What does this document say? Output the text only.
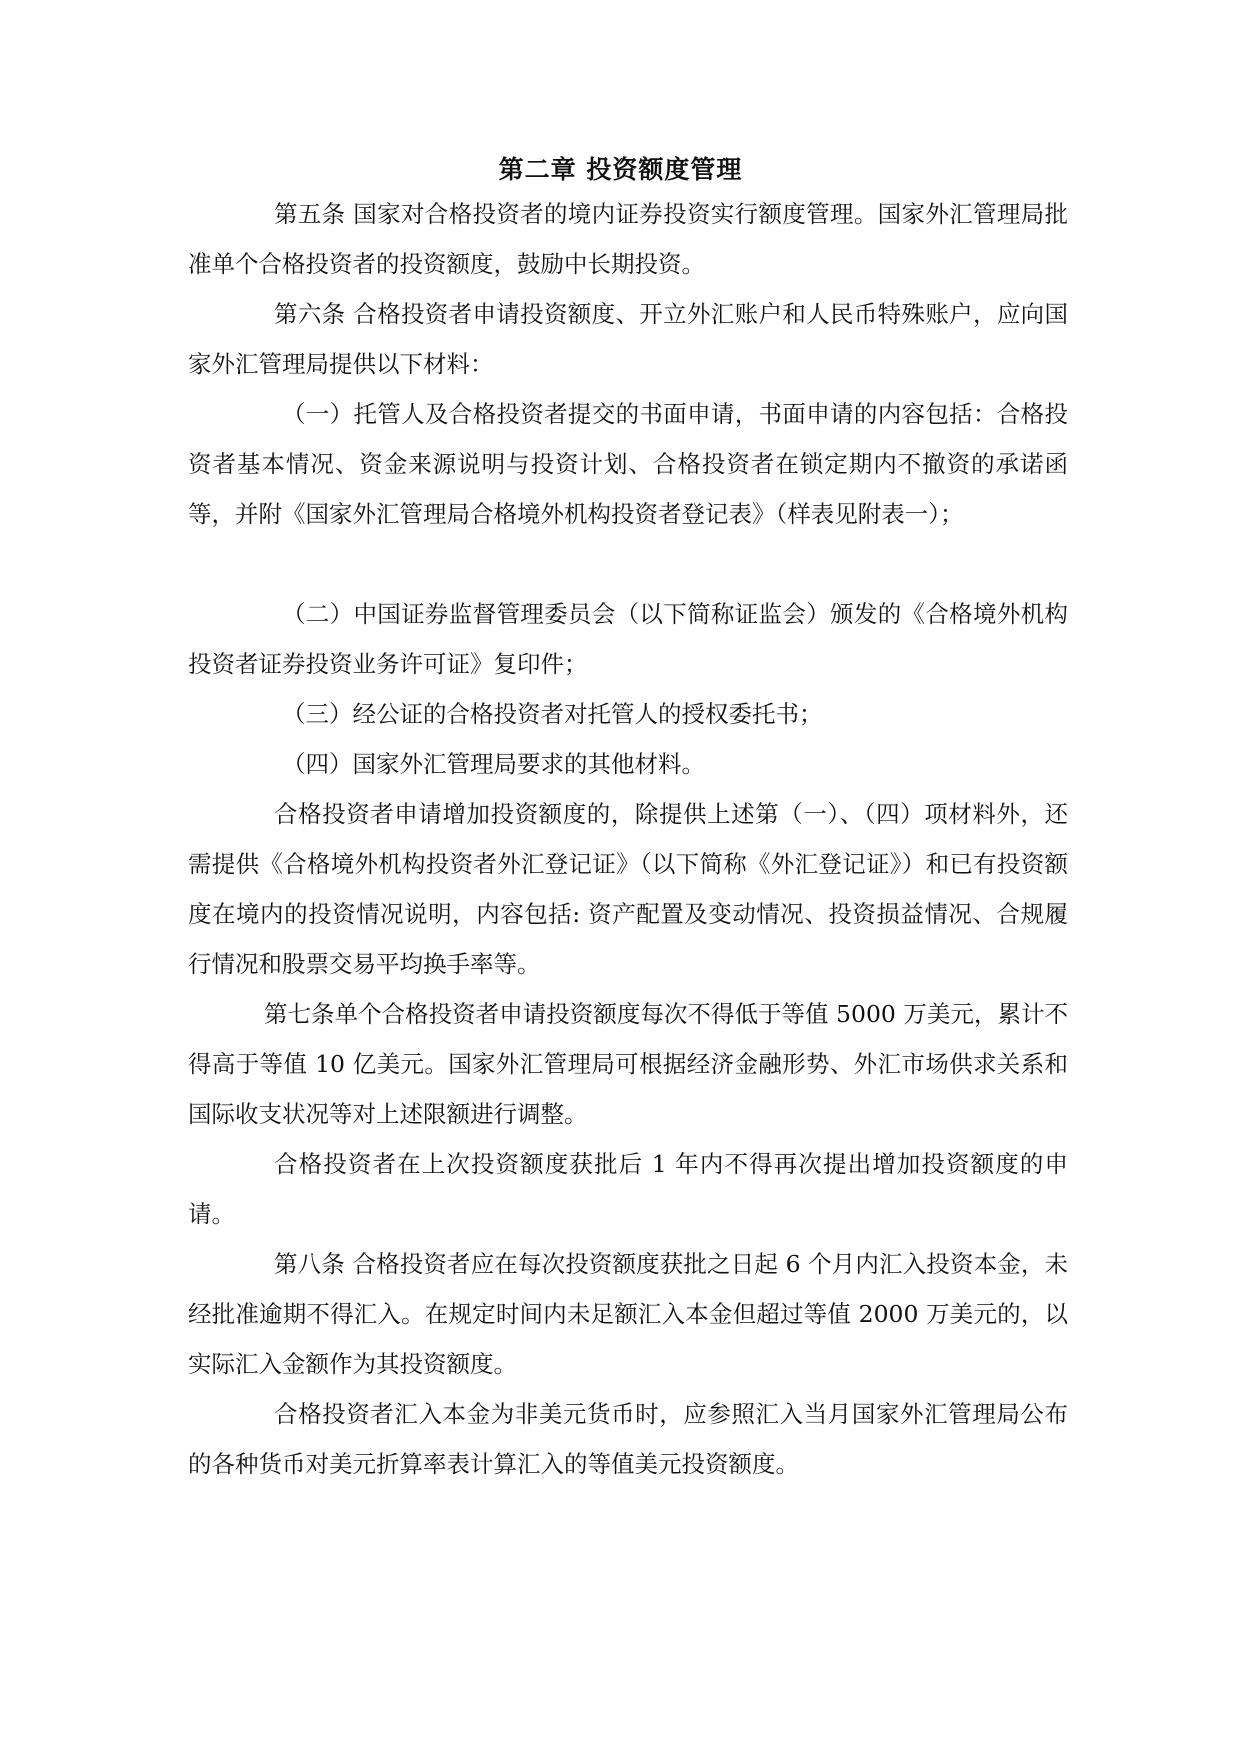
第二章 投资额度管理

第五条 国家对合格投资者的境内证券投资实行额度管理。国家外汇管理局批准单个合格投资者的投资额度，鼓励中长期投资。 

第六条 合格投资者申请投资额度、开立外汇账户和人民币特殊账户，应向国家外汇管理局提供以下材料： 

（一）托管人及合格投资者提交的书面申请，书面申请的内容包括：合格投资者基本情况、资金来源说明与投资计划、合格投资者在锁定期内不撤资的承诺函等，并附《国家外汇管理局合格境外机构投资者登记表》（样表见附表一）； 

（二）中国证券监督管理委员会（以下简称证监会）颁发的《合格境外机构投资者证券投资业务许可证》复印件； 

（三）经公证的合格投资者对托管人的授权委托书； 

（四）国家外汇管理局要求的其他材料。 

合格投资者申请增加投资额度的，除提供上述第（一）、（四）项材料外，还需提供《合格境外机构投资者外汇登记证》（以下简称《外汇登记证》）和已有投资额度在境内的投资情况说明，内容包括: 资产配置及变动情况、投资损益情况、合规履行情况和股票交易平均换手率等。 

第七条单个合格投资者申请投资额度每次不得低于等值 5000 万美元，累计不得高于等值 10 亿美元。国家外汇管理局可根据经济金融形势、外汇市场供求关系和国际收支状况等对上述限额进行调整。 

合格投资者在上次投资额度获批后 1 年内不得再次提出增加投资额度的申请。 

第八条 合格投资者应在每次投资额度获批之日起 6 个月内汇入投资本金，未经批准逾期不得汇入。在规定时间内未足额汇入本金但超过等值 2000 万美元的，以实际汇入金额作为其投资额度。 

合格投资者汇入本金为非美元货币时，应参照汇入当月国家外汇管理局公布的各种货币对美元折算率表计算汇入的等值美元投资额度。 
